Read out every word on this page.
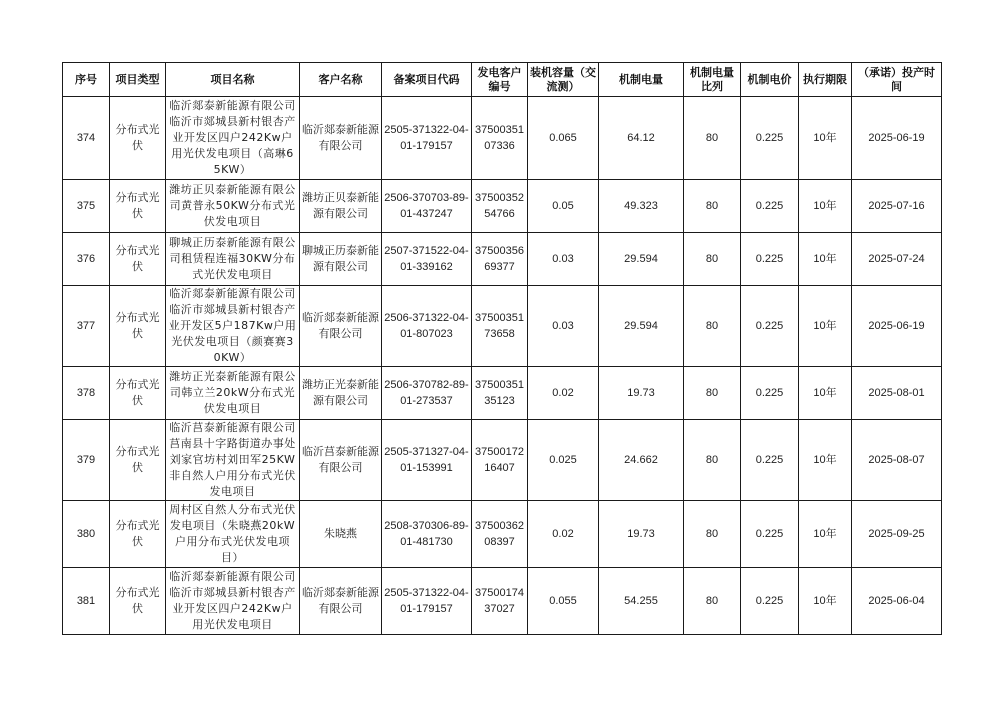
序号	项目类型	项目名称	客户名称	备案项目代码	发电客户编号	装机容量（交流测）	机制电量	机制电量比列	机制电价	执行期限	（承诺）投产时间
374	分布式光伏	临沂郯泰新能源有限公司临沂市郯城县新村银杏产业开发区四户242Kw户用光伏发电项目（高琳65KW）	临沂郯泰新能源有限公司	2505-371322-04-01-179157	3750035107336	0.065	64.12	80	0.225	10年	2025-06-19
375	分布式光伏	潍坊正贝泰新能源有限公司黄普永50KW分布式光伏发电项目	潍坊正贝泰新能源有限公司	2506-370703-89-01-437247	3750035254766	0.05	49.323	80	0.225	10年	2025-07-16
376	分布式光伏	聊城正历泰新能源有限公司租赁程连福30KW分布式光伏发电项目	聊城正历泰新能源有限公司	2507-371522-04-01-339162	3750035669377	0.03	29.594	80	0.225	10年	2025-07-24
377	分布式光伏	临沂郯泰新能源有限公司临沂市郯城县新村银杏产业开发区5户187Kw户用光伏发电项目（颜赛赛30KW）	临沂郯泰新能源有限公司	2506-371322-04-01-807023	3750035173658	0.03	29.594	80	0.225	10年	2025-06-19
378	分布式光伏	潍坊正光泰新能源有限公司韩立兰20kW分布式光伏发电项目	潍坊正光泰新能源有限公司	2506-370782-89-01-273537	3750035135123	0.02	19.73	80	0.225	10年	2025-08-01
379	分布式光伏	临沂莒泰新能源有限公司莒南县十字路街道办事处刘家官坊村刘田军25KW非自然人户用分布式光伏发电项目	临沂莒泰新能源有限公司	2505-371327-04-01-153991	3750017216407	0.025	24.662	80	0.225	10年	2025-08-07
380	分布式光伏	周村区自然人分布式光伏发电项目（朱晓燕20kW户用分布式光伏发电项目）	朱晓燕	2508-370306-89-01-481730	3750036208397	0.02	19.73	80	0.225	10年	2025-09-25
381	分布式光伏	临沂郯泰新能源有限公司临沂市郯城县新村银杏产业开发区四户242Kw户用光伏发电项目	临沂郯泰新能源有限公司	2505-371322-04-01-179157	3750017437027	0.055	54.255	80	0.225	10年	2025-06-04
